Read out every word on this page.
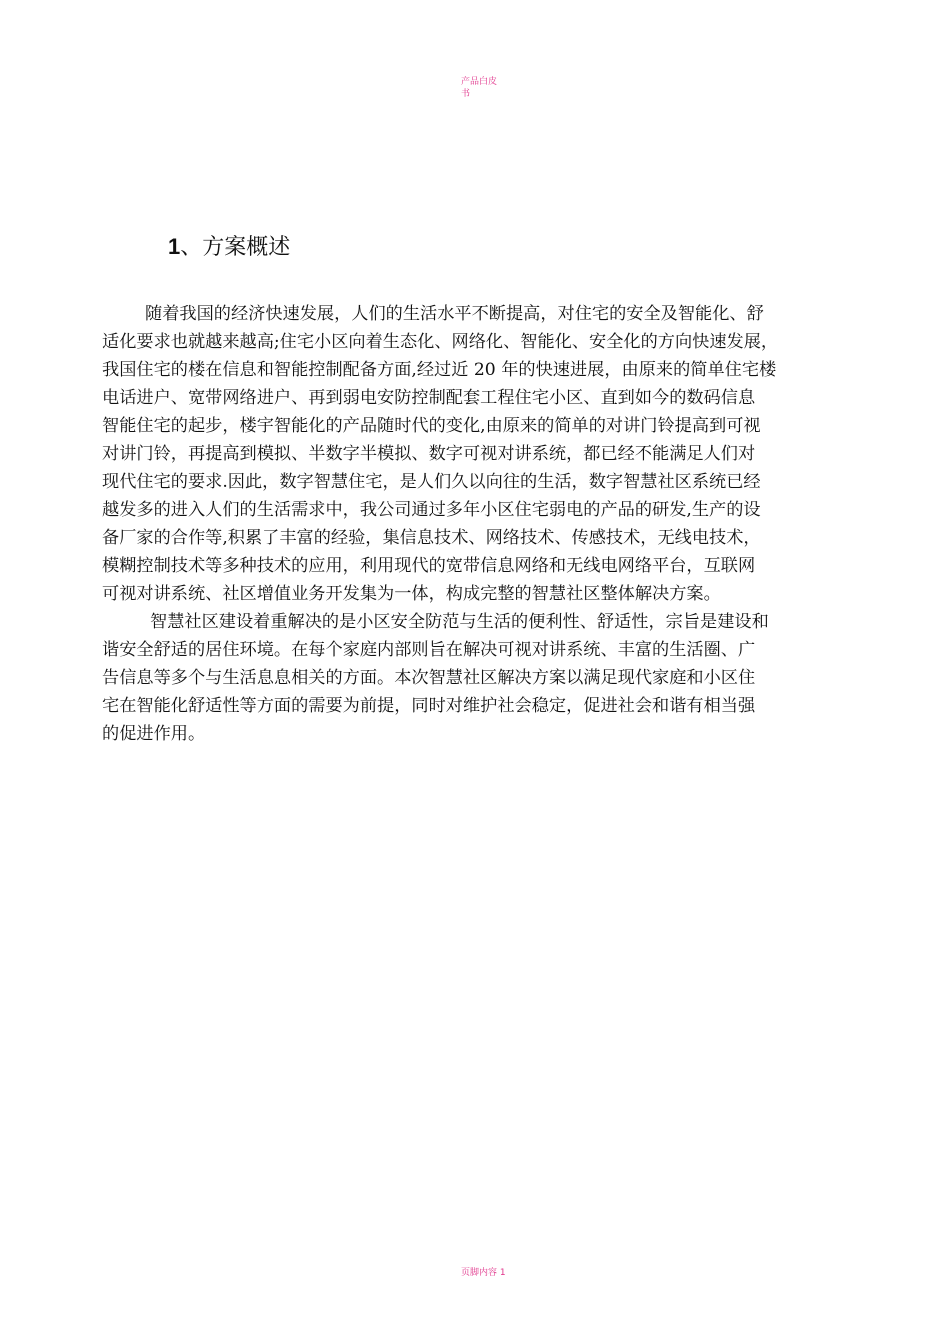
产品白皮
书
1、方案概述
随着我国的经济快速发展，人们的生活水平不断提高，对住宅的安全及智能化、舒
适化要求也就越来越高;住宅小区向着生态化、网络化、智能化、安全化的方向快速发展，
我国住宅的楼在信息和智能控制配备方面,经过近 20 年的快速进展，由原来的简单住宅楼
电话进户、宽带网络进户、再到弱电安防控制配套工程住宅小区、直到如今的数码信息
智能住宅的起步，楼宇智能化的产品随时代的变化,由原来的简单的对讲门铃提高到可视
对讲门铃，再提高到模拟、半数字半模拟、数字可视对讲系统，都已经不能满足人们对
现代住宅的要求.因此，数字智慧住宅，是人们久以向往的生活，数字智慧社区系统已经
越发多的进入人们的生活需求中，我公司通过多年小区住宅弱电的产品的研发,生产的设
备厂家的合作等,积累了丰富的经验，集信息技术、网络技术、传感技术，无线电技术，
模糊控制技术等多种技术的应用，利用现代的宽带信息网络和无线电网络平台，互联网
可视对讲系统、社区增值业务开发集为一体，构成完整的智慧社区整体解决方案。
智慧社区建设着重解决的是小区安全防范与生活的便利性、舒适性，宗旨是建设和
谐安全舒适的居住环境。在每个家庭内部则旨在解决可视对讲系统、丰富的生活圈、广
告信息等多个与生活息息相关的方面。本次智慧社区解决方案以满足现代家庭和小区住
宅在智能化舒适性等方面的需要为前提，同时对维护社会稳定，促进社会和谐有相当强
的促进作用。
页脚内容 1
